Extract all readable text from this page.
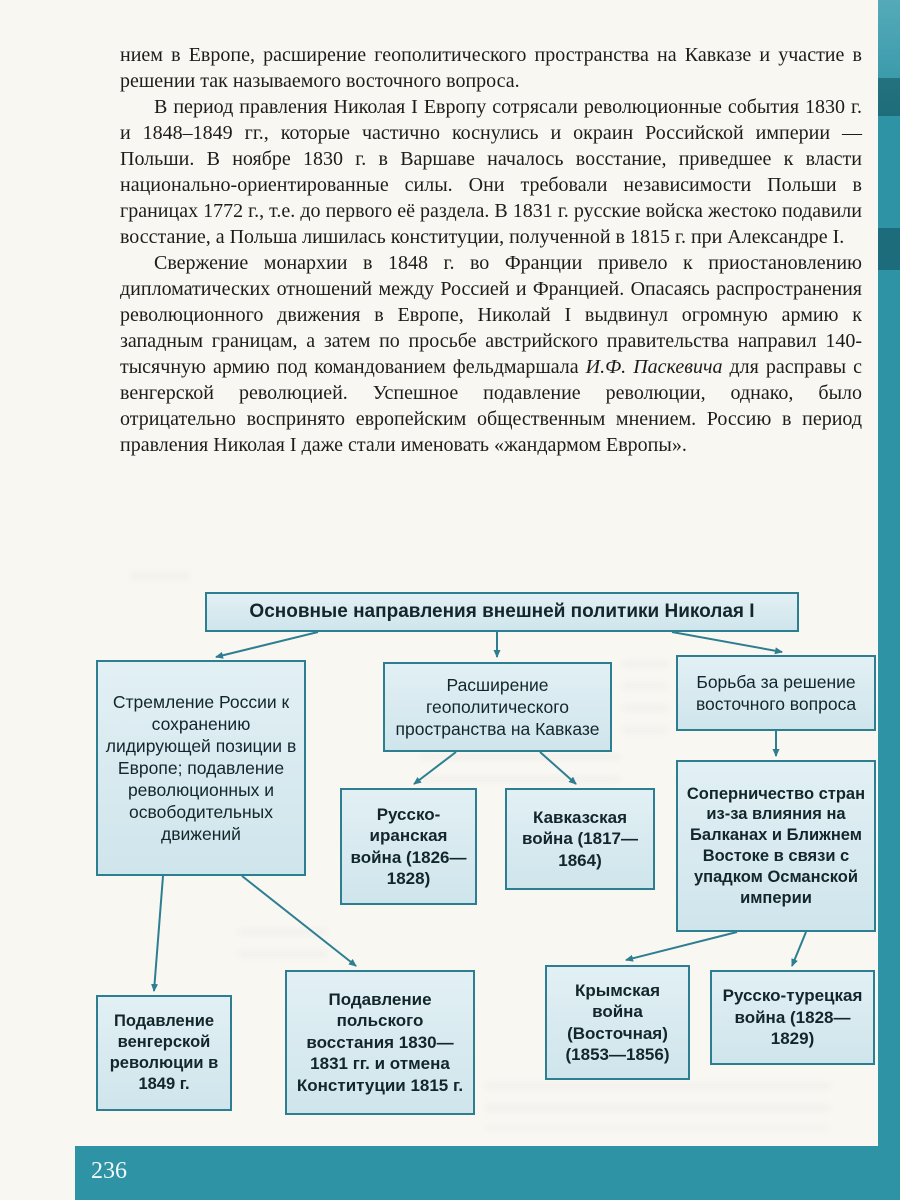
нием в Европе, расширение геополитического пространства на Кавказе и участие в решении так называемого восточного вопроса.

В период правления Николая I Европу сотрясали революционные события 1830 г. и 1848–1849 гг., которые частично коснулись и окраин Российской империи — Польши. В ноябре 1830 г. в Варшаве началось восстание, приведшее к власти национально-ориентированные силы. Они требовали независимости Польши в границах 1772 г., т.е. до первого её раздела. В 1831 г. русские войска жестоко подавили восстание, а Польша лишилась конституции, полученной в 1815 г. при Александре I.

Свержение монархии в 1848 г. во Франции привело к приостановлению дипломатических отношений между Россией и Францией. Опасаясь распространения революционного движения в Европе, Николай I выдвинул огромную армию к западным границам, а затем по просьбе австрийского правительства направил 140-тысячную армию под командованием фельдмаршала И.Ф. Паскевича для расправы с венгерской революцией. Успешное подавление революции, однако, было отрицательно воспринято европейским общественным мнением. Россию в период правления Николая I даже стали именовать «жандармом Европы».

Основные направления внешней политики Николая I
Стремление России к сохранению лидирующей позиции в Европе; подавление революционных и освободительных движений
Расширение геополитического пространства на Кавказе
Борьба за решение восточного вопроса
Русско-иранская война (1826—1828)
Кавказская война (1817—1864)
Соперничество стран из-за влияния на Балканах и Ближнем Востоке в связи с упадком Османской империи
Подавление венгерской революции в 1849 г.
Подавление польского восстания 1830—1831 гг. и отмена Конституции 1815 г.
Крымская война (Восточная) (1853—1856)
Русско-турецкая война (1828—1829)
236
